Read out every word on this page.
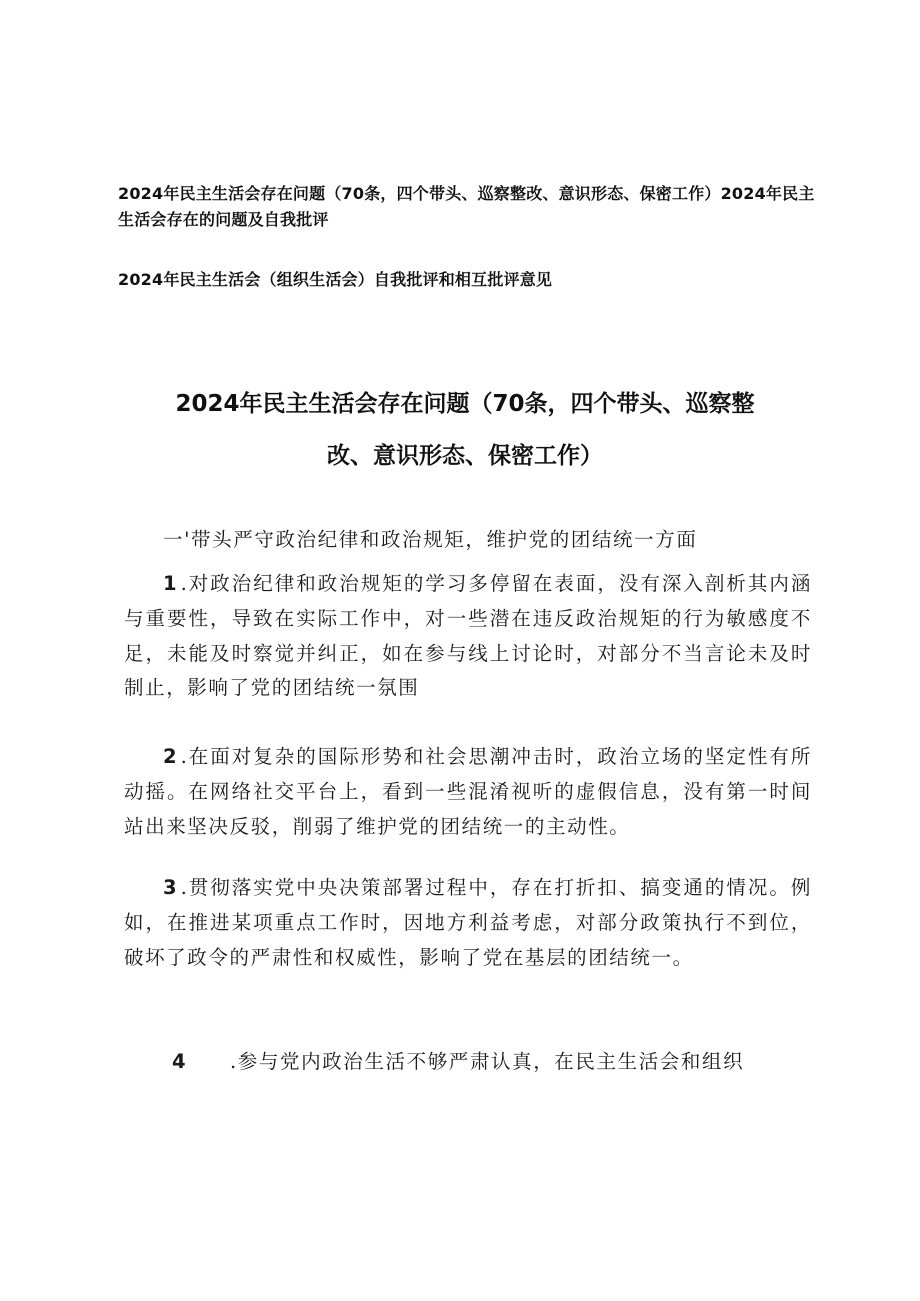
2024年民主生活会存在问题（70条，四个带头、巡察整改、意识形态、保密工作）2024年民主生活会存在的问题及自我批评
2024年民主生活会（组织生活会）自我批评和相互批评意见
2024年民主生活会存在问题（70条，四个带头、巡察整
改、意识形态、保密工作）
一'带头严守政治纪律和政治规矩，维护党的团结统一方面
1.对政治纪律和政治规矩的学习多停留在表面，没有深入剖析其内涵与重要性，导致在实际工作中，对一些潜在违反政治规矩的行为敏感度不足，未能及时察觉并纠正，如在参与线上讨论时，对部分不当言论未及时制止，影响了党的团结统一氛围
2.在面对复杂的国际形势和社会思潮冲击时，政治立场的坚定性有所动摇。在网络社交平台上，看到一些混淆视听的虚假信息，没有第一时间站出来坚决反驳，削弱了维护党的团结统一的主动性。
3.贯彻落实党中央决策部署过程中，存在打折扣、搞变通的情况。例如，在推进某项重点工作时，因地方利益考虑，对部分政策执行不到位，破坏了政令的严肃性和权威性，影响了党在基层的团结统一。
4 .参与党内政治生活不够严肃认真，在民主生活会和组织
